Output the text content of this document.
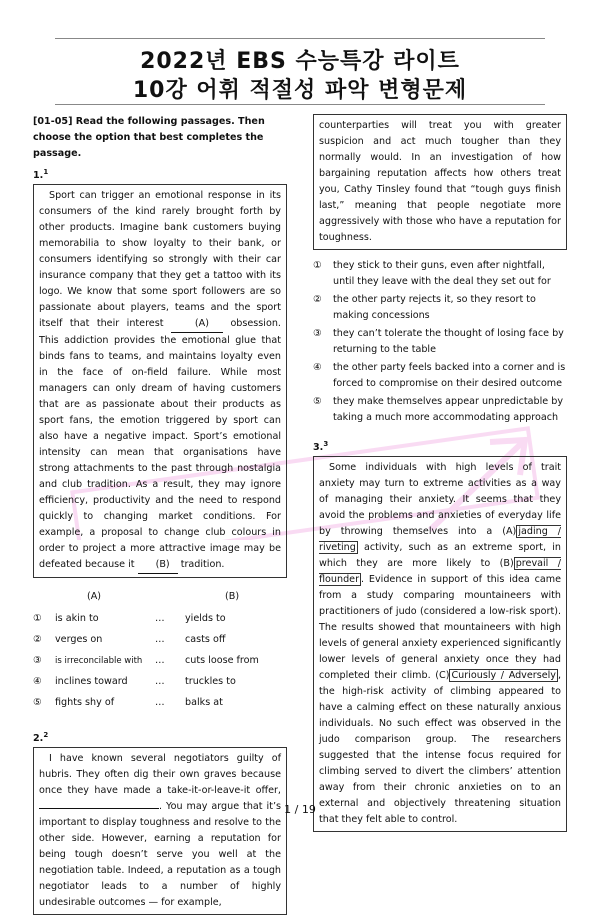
2022년 EBS 수능특강 라이트
10강 어휘 적절성 파악 변형문제
[01-05] Read the following passages. Then choose the option that best completes the passage.
1.$^1$
Sport can trigger an emotional response in its consumers of the kind rarely brought forth by other products. Imagine bank customers buying memorabilia to show loyalty to their bank, or consumers identifying so strongly with their car insurance company that they get a tattoo with its logo. We know that some sport followers are so passionate about players, teams and the sport itself that their interest	(A) obsession. This addiction provides the emotional glue that binds fans to teams, and maintains loyalty even in the face of on-field failure. While most managers can only dream of having customers that are as passionate about their products as sport fans, the emotion triggered by sport can also have a negative impact. Sport’s emotional intensity can mean that organisations have strong attachments to the past through nostalgia and club tradition. As a result, they may ignore efficiency, productivity and the need to respond quickly to changing market conditions. For example, a proposal to change club colours in order to project a more attractive image may be defeated because it (B) tradition.
(A)	(B)
①	is akin to	…	yields to
②	verges on	…	casts off
③	is irreconcilable with	…	cuts loose from
④	inclines toward	…	truckles to
⑤	fights shy of	…	balks at
2.$^2$
I have known several negotiators guilty of hubris. They often dig their own graves because once they have made a take-it-or-leave-it offer, . You may argue that it’s important to display toughness and resolve to the other side. However, earning a reputation for being tough doesn’t serve you well at the negotiation table. Indeed, a reputation as a tough negotiator leads to a number of highly undesirable outcomes — for example,
counterparties will treat you with greater suspicion and act much tougher than they normally would. In an investigation of how bargaining reputation affects how others treat you, Cathy Tinsley found that “tough guys finish last,” meaning that people negotiate more aggressively with those who have a reputation for toughness.
①	they stick to their guns, even after nightfall, until they leave with the deal they set out for
②	the other party rejects it, so they resort to making concessions
③	they can’t tolerate the thought of losing face by returning to the table
④	the other party feels backed into a corner and is forced to compromise on their desired outcome
⑤	they make themselves appear unpredictable by taking a much more accommodating approach
3.$^3$
Some individuals with high levels of trait anxiety may turn to extreme activities as a way of managing their anxiety. It seems that they avoid the problems and anxieties of everyday life by throwing themselves into a (A) jading / riveting activity, such as an extreme sport, in which they are more likely to (B) prevail / flounder . Evidence in support of this idea came from a study comparing mountaineers with practitioners of judo (considered a low-risk sport). The results showed that mountaineers with high levels of general anxiety experienced significantly lower levels of general anxiety once they had completed their climb. (C) Curiously / Adversely , the high-risk activity of climbing appeared to have a calming effect on these naturally anxious individuals. No such effect was observed in the judo comparison group. The researchers suggested that the intense focus required for climbing served to divert the climbers’ attention away from their chronic anxieties on to an external and objectively threatening situation that they felt able to control.
1 / 19
